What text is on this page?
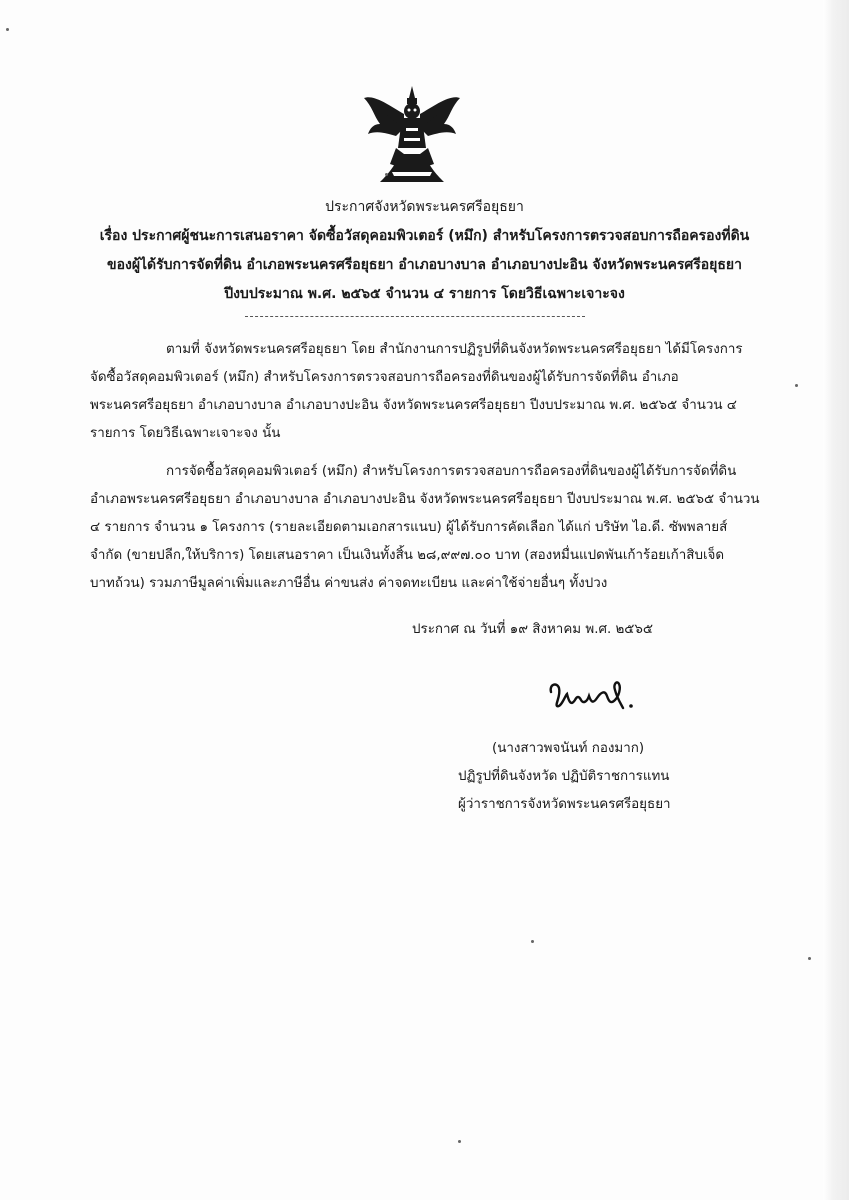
ประกาศจังหวัดพระนครศรีอยุธยา
เรื่อง ประกาศผู้ชนะการเสนอราคา จัดซื้อวัสดุคอมพิวเตอร์ (หมึก) สำหรับโครงการตรวจสอบการถือครองที่ดิน
ของผู้ได้รับการจัดที่ดิน อำเภอพระนครศรีอยุธยา อำเภอบางบาล อำเภอบางปะอิน จังหวัดพระนครศรีอยุธยา
ปีงบประมาณ พ.ศ. ๒๕๖๕ จำนวน ๔ รายการ โดยวิธีเฉพาะเจาะจง
ตามที่ จังหวัดพระนครศรีอยุธยา โดย สำนักงานการปฏิรูปที่ดินจังหวัดพระนครศรีอยุธยา ได้มีโครงการ
จัดซื้อวัสดุคอมพิวเตอร์ (หมึก) สำหรับโครงการตรวจสอบการถือครองที่ดินของผู้ได้รับการจัดที่ดิน อำเภอ
พระนครศรีอยุธยา อำเภอบางบาล อำเภอบางปะอิน จังหวัดพระนครศรีอยุธยา ปีงบประมาณ พ.ศ. ๒๕๖๕ จำนวน ๔
รายการ โดยวิธีเฉพาะเจาะจง นั้น
การจัดซื้อวัสดุคอมพิวเตอร์ (หมึก) สำหรับโครงการตรวจสอบการถือครองที่ดินของผู้ได้รับการจัดที่ดิน
อำเภอพระนครศรีอยุธยา อำเภอบางบาล อำเภอบางปะอิน จังหวัดพระนครศรีอยุธยา ปีงบประมาณ พ.ศ. ๒๕๖๕ จำนวน
๔ รายการ จำนวน ๑ โครงการ (รายละเอียดตามเอกสารแนบ) ผู้ได้รับการคัดเลือก ได้แก่ บริษัท ไอ.ดี. ซัพพลายส์
จำกัด (ขายปลีก,ให้บริการ) โดยเสนอราคา เป็นเงินทั้งสิ้น ๒๘,๙๙๗.๐๐ บาท (สองหมื่นแปดพันเก้าร้อยเก้าสิบเจ็ด
บาทถ้วน) รวมภาษีมูลค่าเพิ่มและภาษีอื่น ค่าขนส่ง ค่าจดทะเบียน และค่าใช้จ่ายอื่นๆ ทั้งปวง
ประกาศ ณ วันที่ ๑๙ สิงหาคม พ.ศ. ๒๕๖๕
(นางสาวพจนันท์ กองมาก)
ปฏิรูปที่ดินจังหวัด ปฏิบัติราชการแทน
ผู้ว่าราชการจังหวัดพระนครศรีอยุธยา
